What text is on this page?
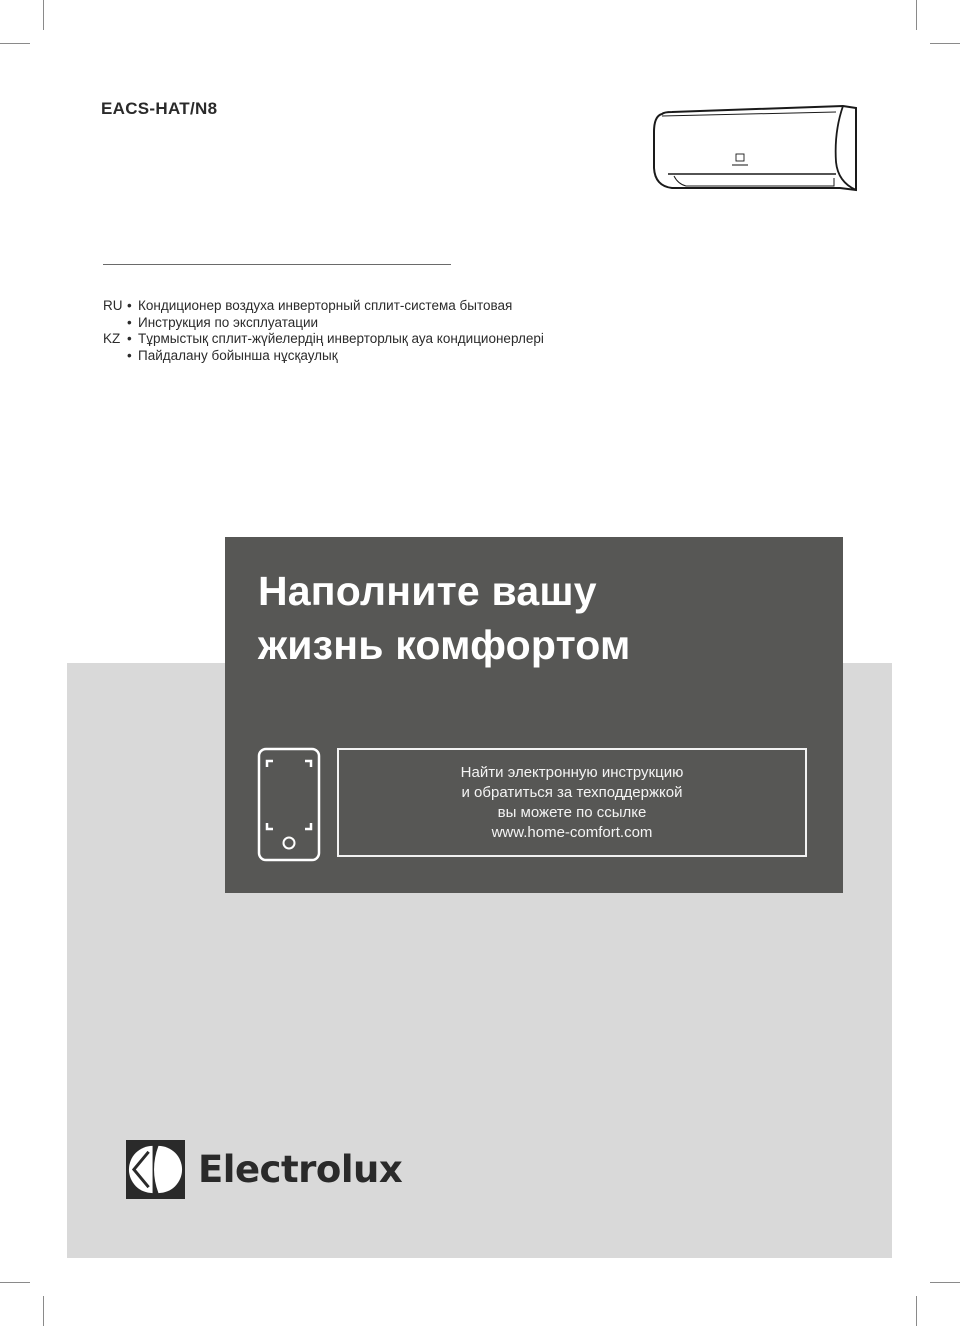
EACS-HAT/N8
RU • Кондиционер воздуха инверторный сплит-система бытовая
• Инструкция по эксплуатации
KZ • Тұрмыстық сплит-жүйелердің инверторлық ауа кондиционерлері
• Пайдалану бойынша нұсқаулық
Наполните вашу
жизнь комфортом
Найти электронную инструкцию
и обратиться за техподдержкой
вы можете по ссылке
www.home-comfort.com
Electrolux
